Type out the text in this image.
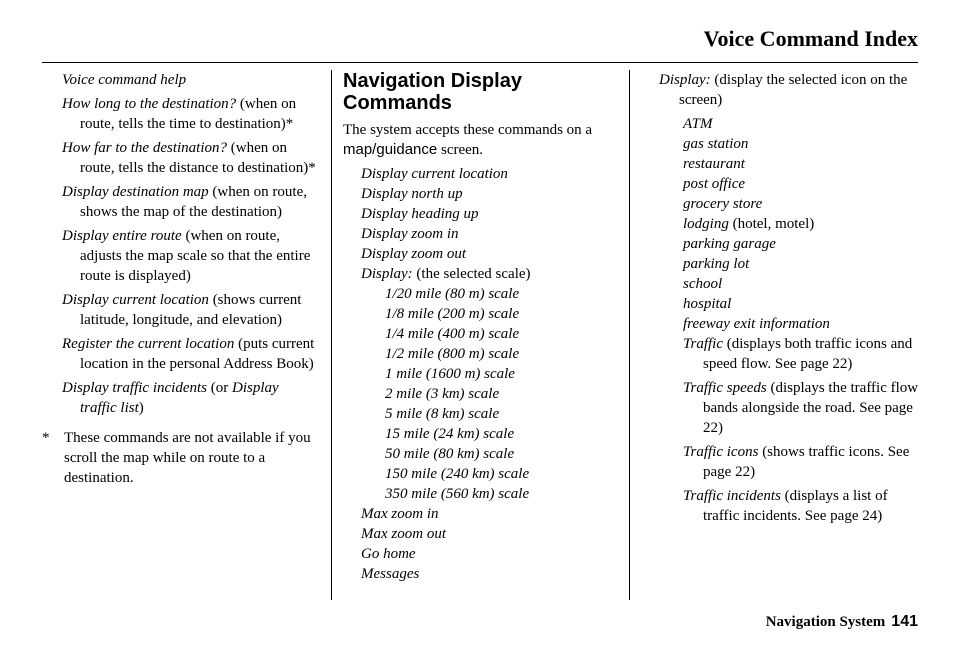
Voice Command Index
Voice command help
How long to the destination? (when on route, tells the time to destination)*
How far to the destination? (when on route, tells the distance to destination)*
Display destination map (when on route, shows the map of the destination)
Display entire route (when on route, adjusts the map scale so that the entire route is displayed)
Display current location (shows current latitude, longitude, and elevation)
Register the current location (puts current location in the personal Address Book)
Display traffic incidents (or Display traffic list)
* These commands are not available if you scroll the map while on route to a destination.
Navigation Display Commands
The system accepts these commands on a map/guidance screen.
Display current location
Display north up
Display heading up
Display zoom in
Display zoom out
Display: (the selected scale)
1/20 mile (80 m) scale
1/8 mile (200 m) scale
1/4 mile (400 m) scale
1/2 mile (800 m) scale
1 mile (1600 m) scale
2 mile (3 km) scale
5 mile (8 km) scale
15 mile (24 km) scale
50 mile (80 km) scale
150 mile (240 km) scale
350 mile (560 km) scale
Max zoom in
Max zoom out
Go home
Messages
Display: (display the selected icon on the screen)
ATM
gas station
restaurant
post office
grocery store
lodging (hotel, motel)
parking garage
parking lot
school
hospital
freeway exit information
Traffic (displays both traffic icons and speed flow. See page 22)
Traffic speeds (displays the traffic flow bands alongside the road. See page 22)
Traffic icons (shows traffic icons. See page 22)
Traffic incidents (displays a list of traffic incidents. See page 24)
Navigation System 141
